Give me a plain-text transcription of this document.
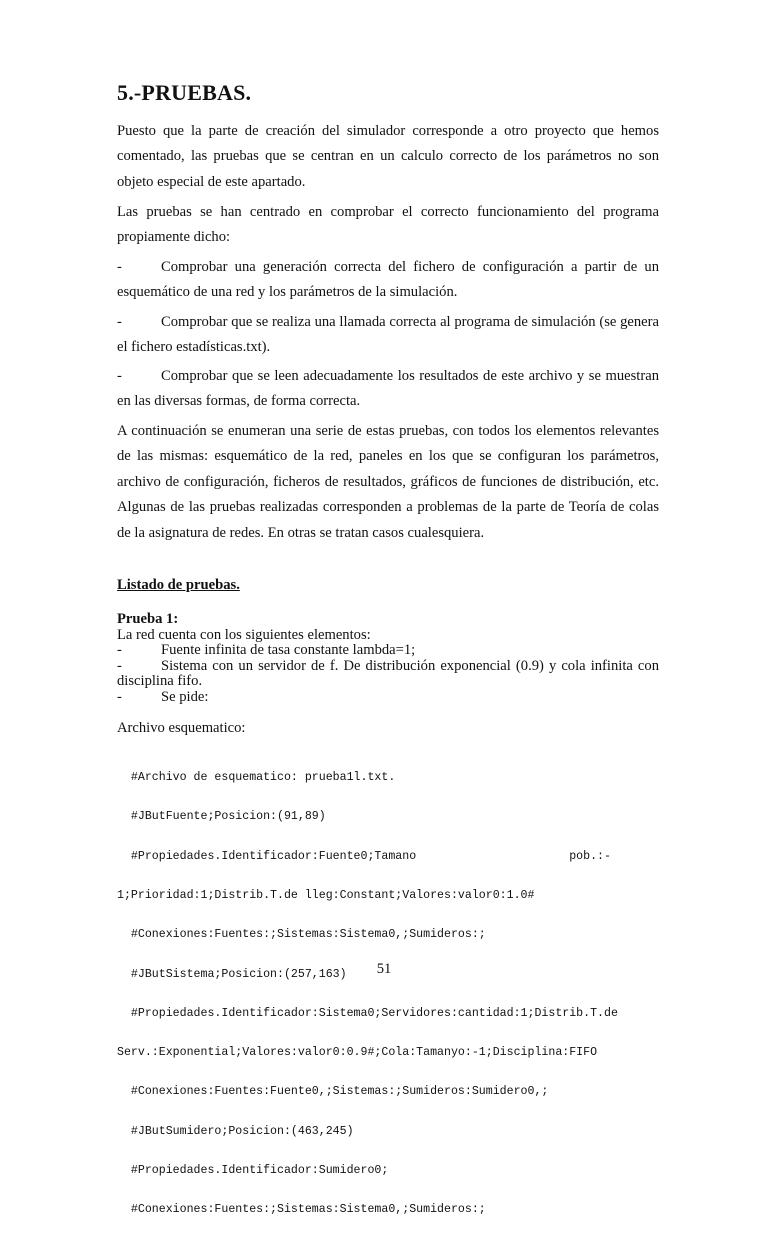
5.-PRUEBAS.
Puesto que la parte de creación del simulador corresponde a otro proyecto que hemos comentado, las pruebas que se centran en un calculo correcto de los parámetros no son objeto especial de este apartado.
Las pruebas se han centrado en comprobar el correcto funcionamiento del programa propiamente dicho:
-	Comprobar una generación correcta del fichero de configuración a partir de un esquemático de una red y los parámetros de la simulación.
-	Comprobar que se realiza una llamada correcta al programa de simulación (se genera el fichero estadísticas.txt).
-	Comprobar que se leen adecuadamente los resultados de este archivo y se muestran en las diversas formas, de forma correcta.
A continuación se enumeran una serie de estas pruebas, con todos los elementos relevantes de las mismas: esquemático de la red, paneles en los que se configuran los parámetros, archivo de configuración, ficheros de resultados, gráficos de funciones de distribución, etc. Algunas de las pruebas realizadas corresponden a problemas de la parte de Teoría de colas de la asignatura de redes. En otras se tratan casos cualesquiera.
Listado de pruebas.
Prueba 1:
La red cuenta con los siguientes elementos:
-	Fuente infinita de tasa constante lambda=1;
-	Sistema con un servidor de f. De distribución exponencial (0.9) y cola infinita con disciplina fifo.
-	Se pide:
Archivo esquematico:

#Archivo de esquematico: prueba1l.txt.

#JButFuente;Posicion:(91,89)

#Propiedades.Identificador:Fuente0;Tamano                      pob.:-

1;Prioridad:1;Distrib.T.de lleg:Constant;Valores:valor0:1.0#

#Conexiones:Fuentes:;Sistemas:Sistema0,;Sumideros:;

#JButSistema;Posicion:(257,163)

#Propiedades.Identificador:Sistema0;Servidores:cantidad:1;Distrib.T.de

Serv.:Exponential;Valores:valor0:0.9#;Cola:Tamanyo:-1;Disciplina:FIFO

#Conexiones:Fuentes:Fuente0,;Sistemas:;Sumideros:Sumidero0,;

#JButSumidero;Posicion:(463,245)

#Propiedades.Identificador:Sumidero0;

#Conexiones:Fuentes:;Sistemas:Sistema0,;Sumideros:;

51
